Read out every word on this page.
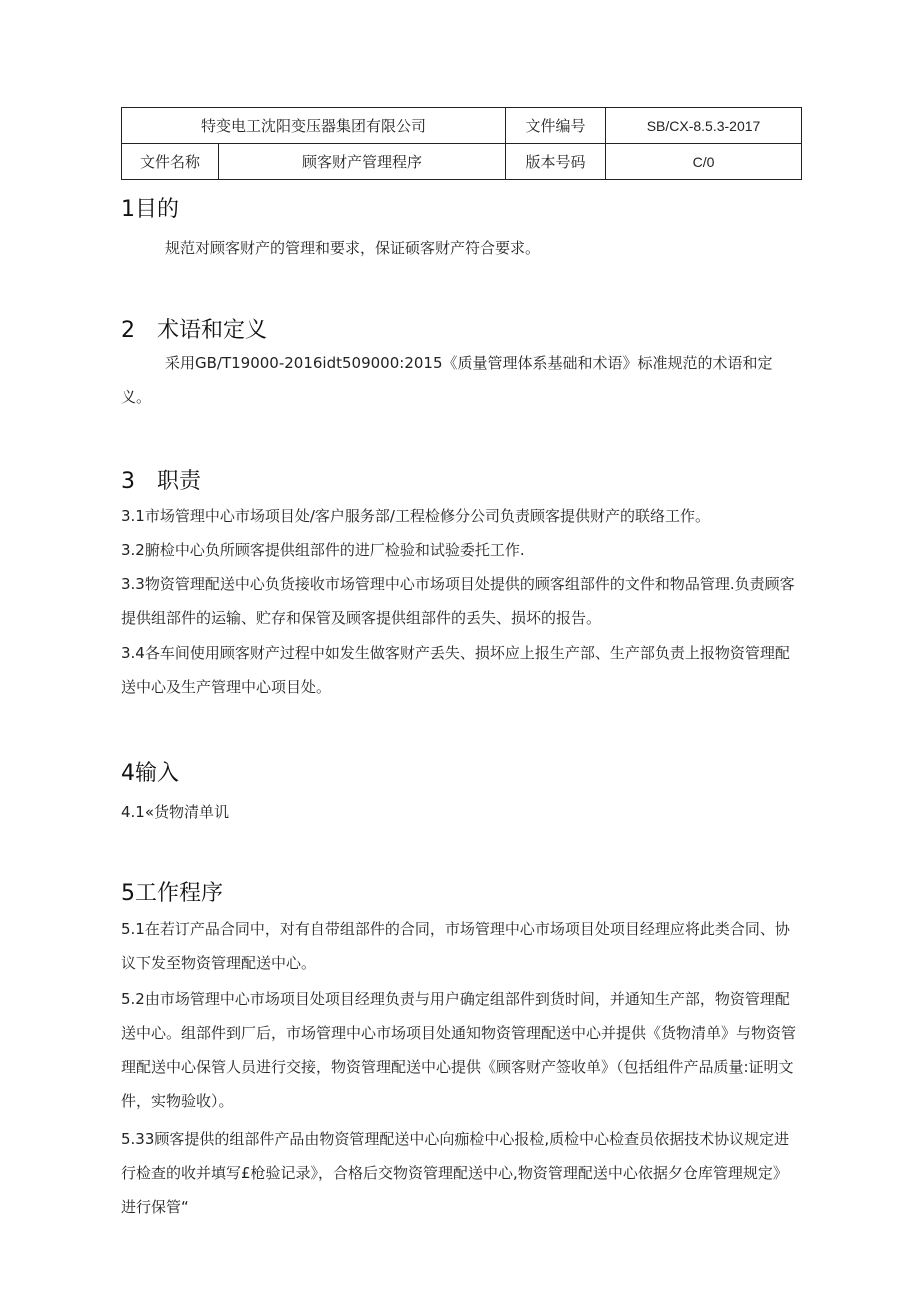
特变电工沈阳变压器集团有限公司		文件编号	SB/CX-8.5.3-2017
文件名称	顾客财产管理程序	版本号码	C/0
1目的

规范对顾客财产的管理和要求，保证硕客财产符合要求。

2 术语和定义

采用GB/T19000-2016idt509000:2015《质量管理体系基础和术语》标准规范的术语和定义。

3 职责

3.1市场管理中心市场项目处/客户服务部/工程检修分公司负责顾客提供财产的联络工作。

3.2腑检中心负所顾客提供组部件的进厂检验和试验委托工作.

3.3物资管理配送中心负货接收市场管理中心市场项目处提供的顾客组部件的文件和物品管理.负责顾客提供组部件的运输、贮存和保管及顾客提供组部件的丢失、损坏的报告。

3.4各车间使用顾客财产过程中如发生做客财产丢失、损坏应上报生产部、生产部负责上报物资管理配送中心及生产管理中心项目处。

4输入

4.1«货物清单讥

5工作程序

5.1在若订产品合同中，对有自带组部件的合同，市场管理中心市场项目处项目经理应将此类合同、协议下发至物资管理配送中心。

5.2由市场管理中心市场项目处项目经理负责与用户确定组部件到货时间，并通知生产部，物资管理配送中心。组部件到厂后，市场管理中心市场项目处通知物资管理配送中心并提供《货物清单》与物资管理配送中心保管人员进行交接，物资管理配送中心提供《顾客财产签收单》（包括组件产品质量:证明文件，实物验收）。

5.33顾客提供的组部件产品由物资管理配送中心向痂检中心报检,质检中心检查员依据技术协议规定进行检查的收并填写£枪验记录》，合格后交物资管理配送中心,物资管理配送中心依据夕仓库管理规定》进行保管“
